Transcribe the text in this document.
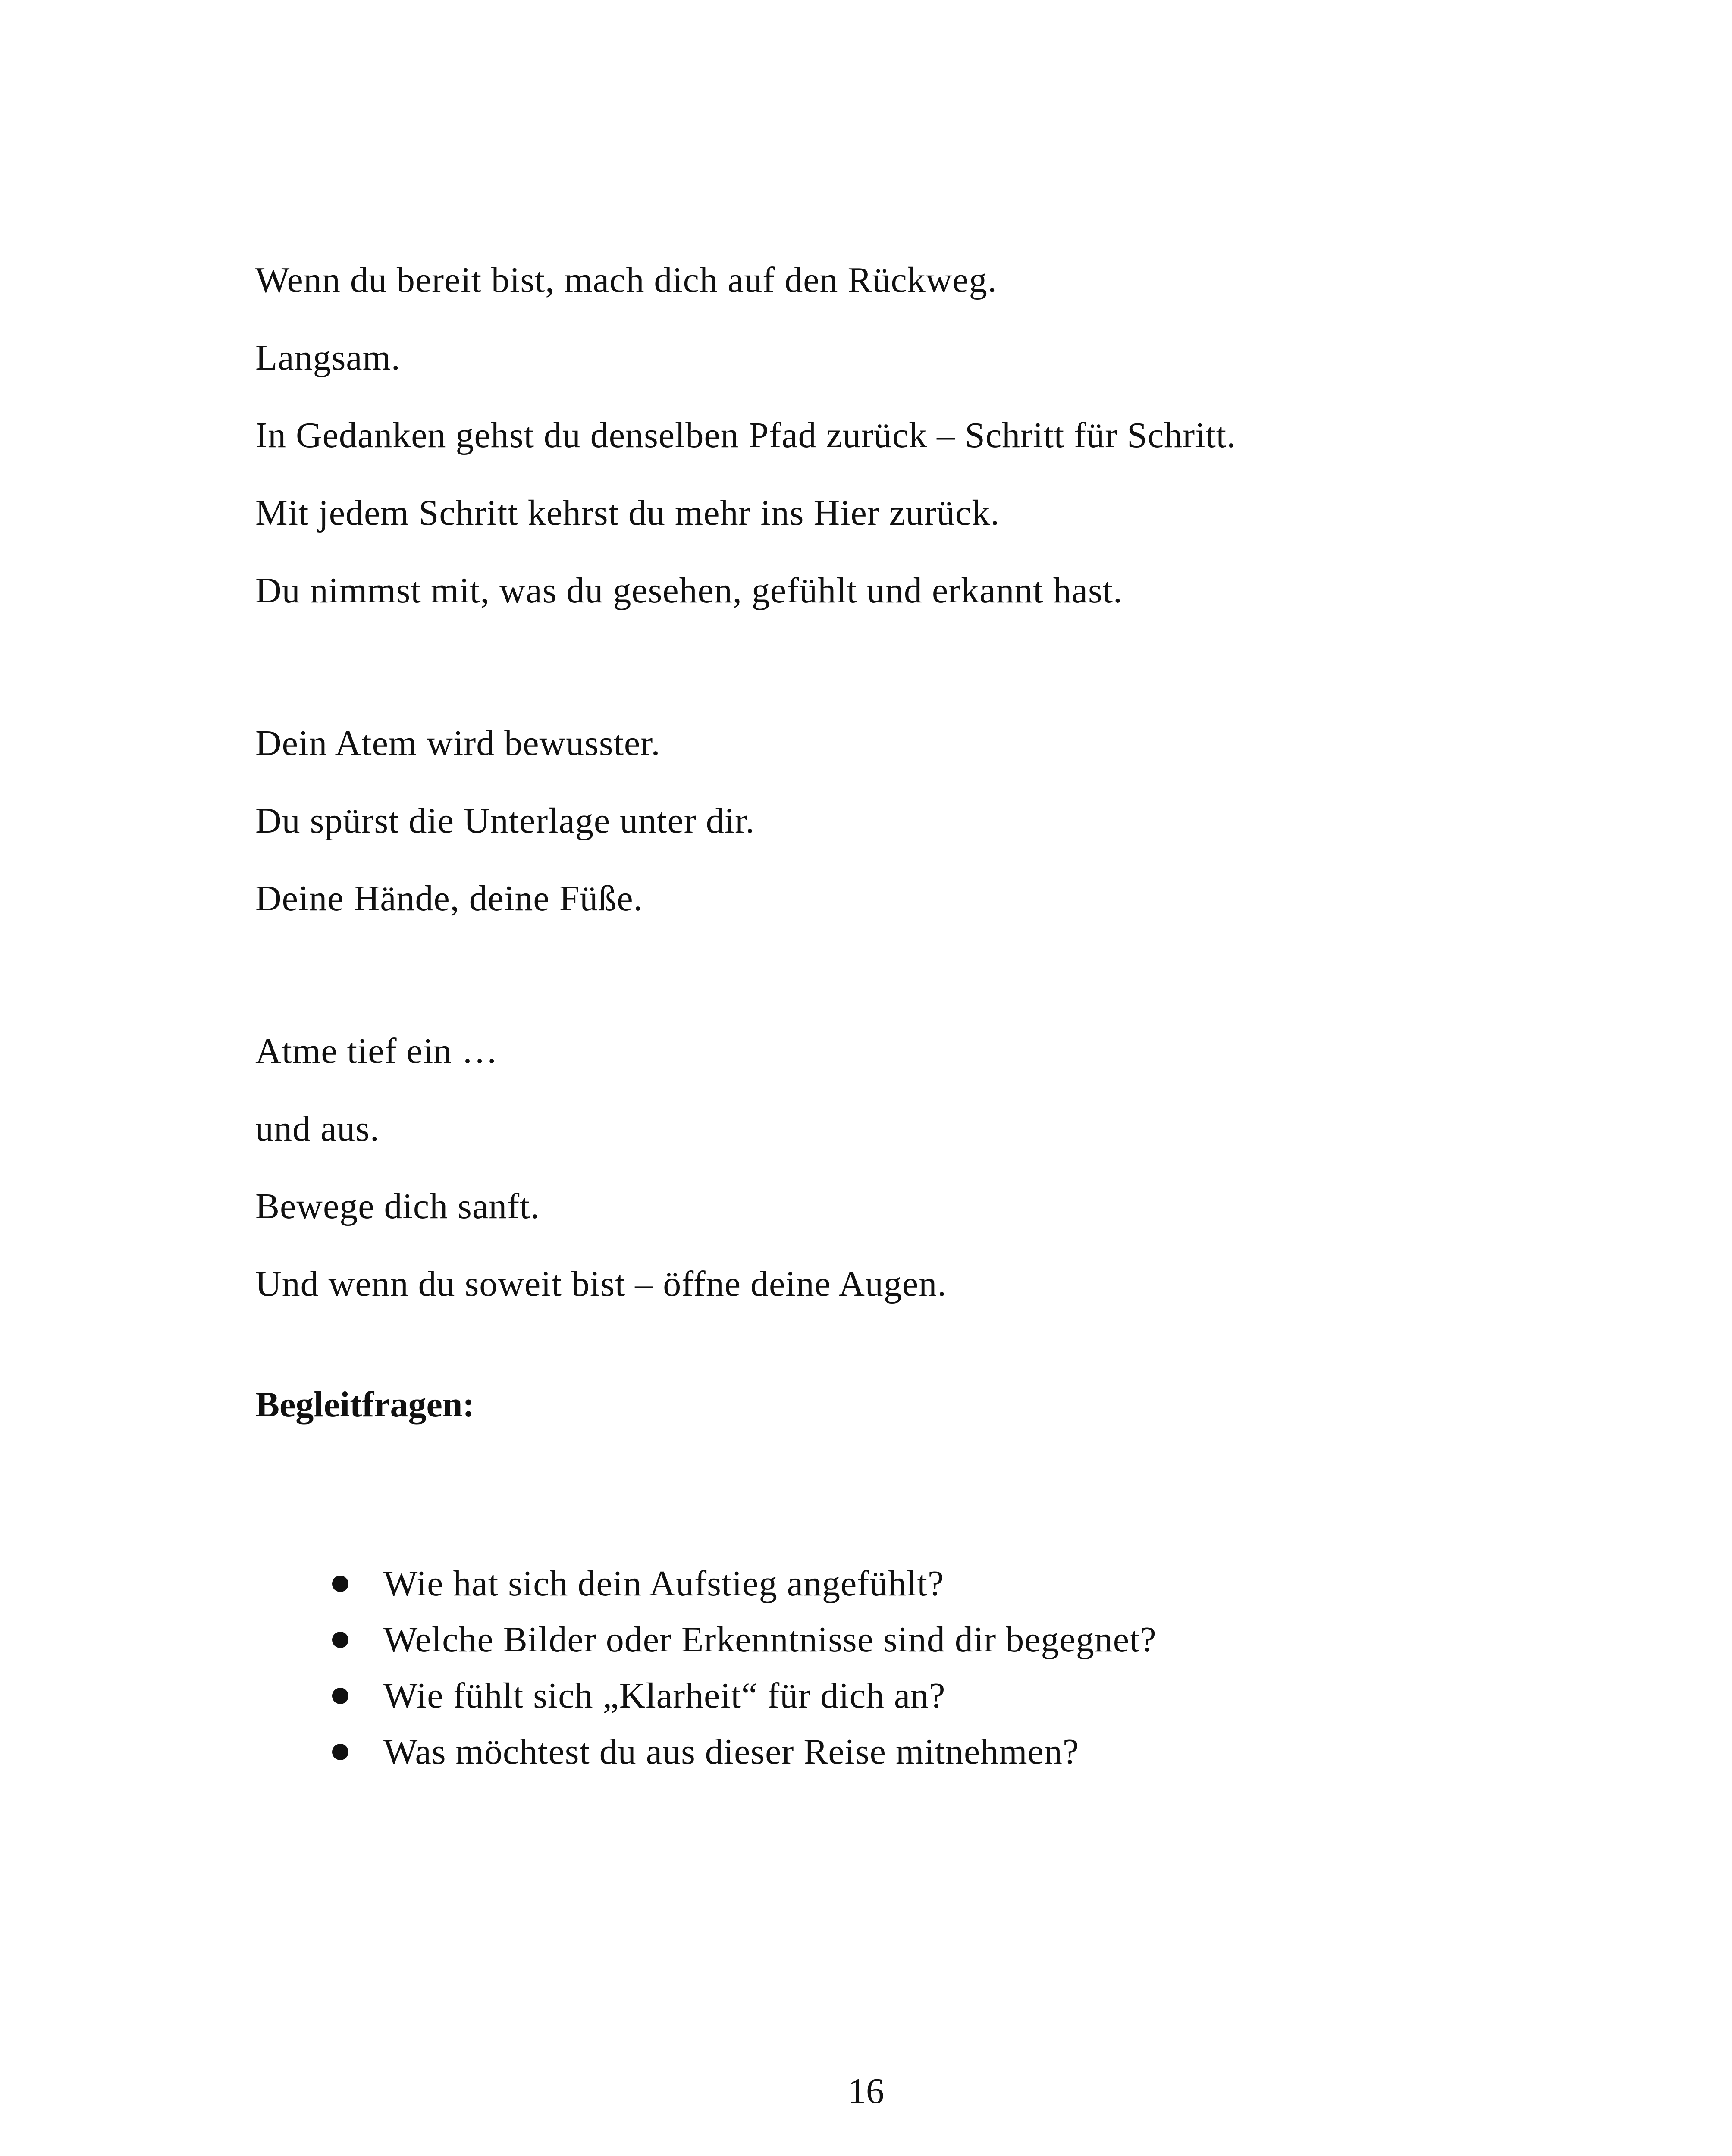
Wenn du bereit bist, mach dich auf den Rückweg.
Langsam.
In Gedanken gehst du denselben Pfad zurück – Schritt für Schritt.
Mit jedem Schritt kehrst du mehr ins Hier zurück.
Du nimmst mit, was du gesehen, gefühlt und erkannt hast.
Dein Atem wird bewusster.
Du spürst die Unterlage unter dir.
Deine Hände, deine Füße.
Atme tief ein …
und aus.
Bewege dich sanft.
Und wenn du soweit bist – öffne deine Augen.
Begleitfragen:
Wie hat sich dein Aufstieg angefühlt?
Welche Bilder oder Erkenntnisse sind dir begegnet?
Wie fühlt sich „Klarheit“ für dich an?
Was möchtest du aus dieser Reise mitnehmen?
16
